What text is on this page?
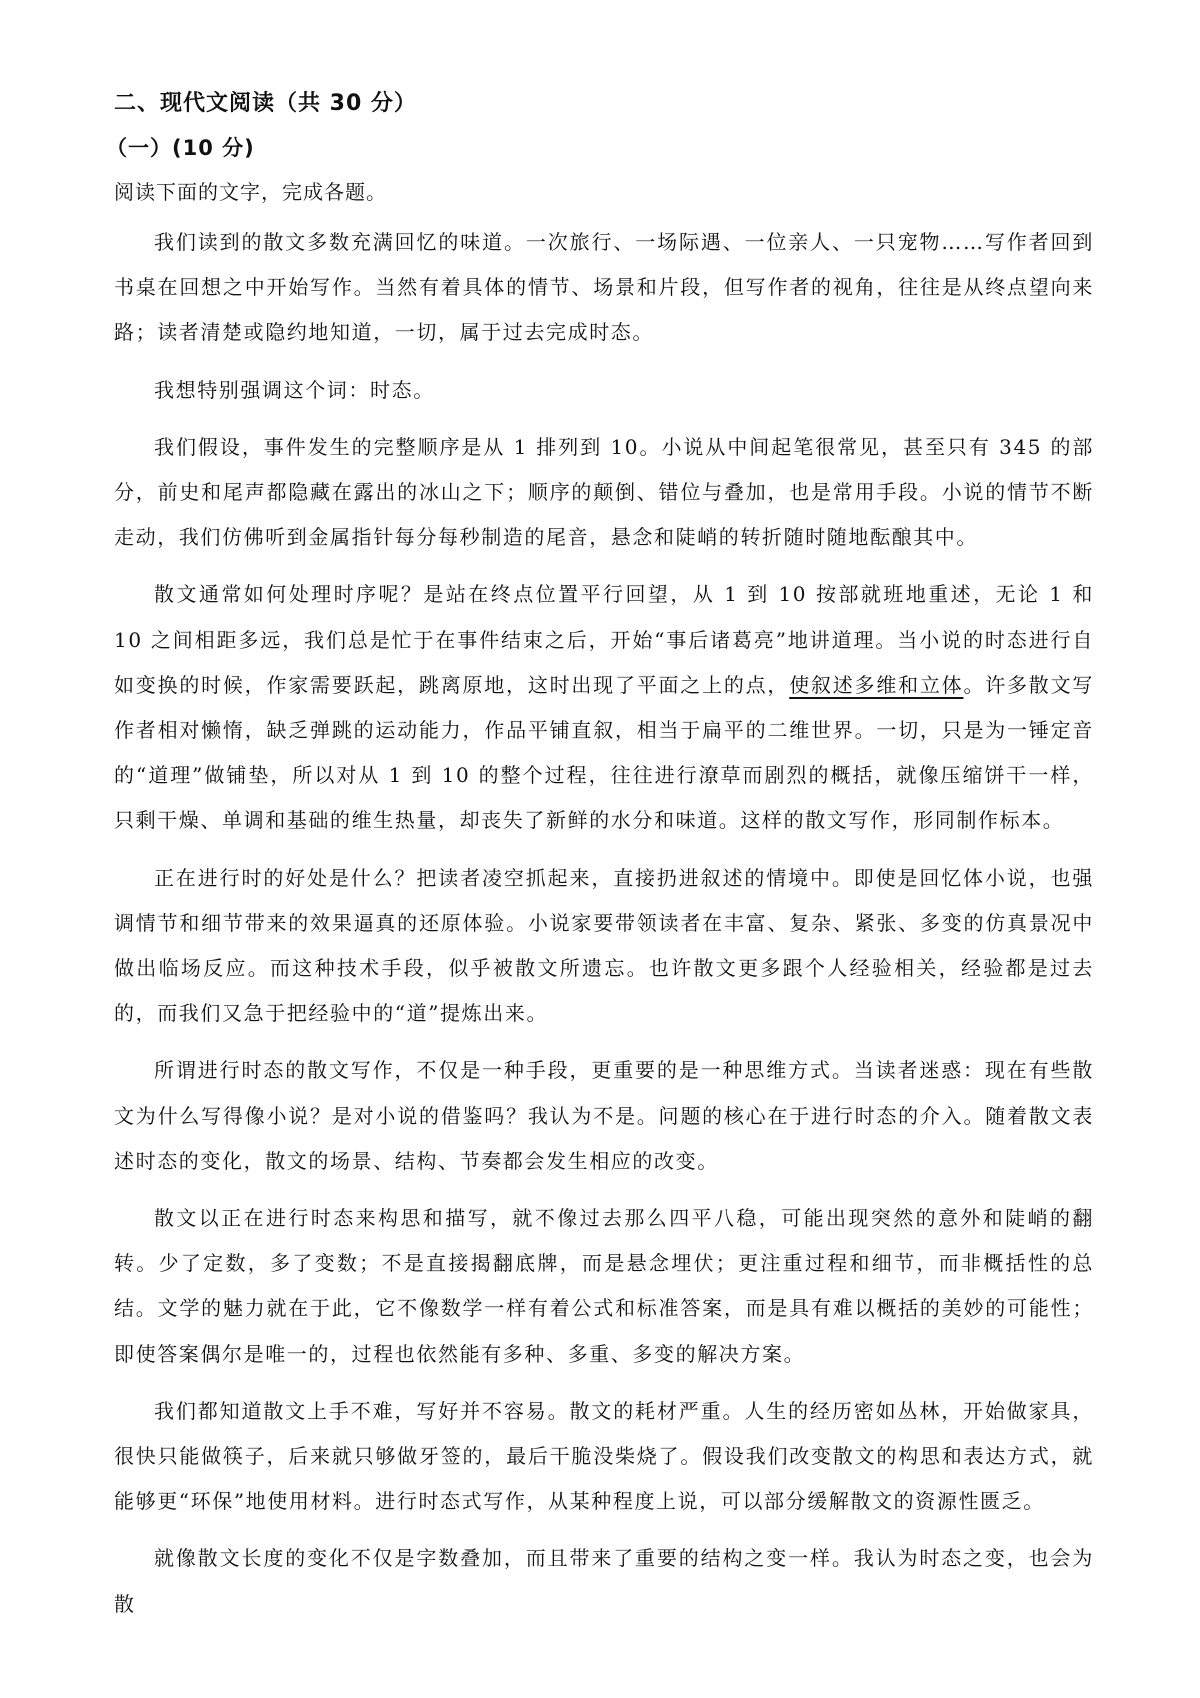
二、现代文阅读（共 30 分）
（一）(10 分)
阅读下面的文字，完成各题。

我们读到的散文多数充满回忆的味道。一次旅行、一场际遇、一位亲人、一只宠物……写作者回到书桌在回想之中开始写作。当然有着具体的情节、场景和片段，但写作者的视角，往往是从终点望向来路；读者清楚或隐约地知道，一切，属于过去完成时态。

我想特别强调这个词：时态。

我们假设，事件发生的完整顺序是从 1 排列到 10。小说从中间起笔很常见，甚至只有 345 的部分，前史和尾声都隐藏在露出的冰山之下；顺序的颠倒、错位与叠加，也是常用手段。小说的情节不断走动，我们仿佛听到金属指针每分每秒制造的尾音，悬念和陡峭的转折随时随地酝酿其中。

散文通常如何处理时序呢？是站在终点位置平行回望，从 1 到 10 按部就班地重述，无论 1 和 10 之间相距多远，我们总是忙于在事件结束之后，开始“事后诸葛亮”地讲道理。当小说的时态进行自如变换的时候，作家需要跃起，跳离原地，这时出现了平面之上的点，使叙述多维和立体。许多散文写作者相对懒惰，缺乏弹跳的运动能力，作品平铺直叙，相当于扁平的二维世界。一切，只是为一锤定音的“道理”做铺垫，所以对从 1 到 10 的整个过程，往往进行潦草而剧烈的概括，就像压缩饼干一样，只剩干燥、单调和基础的维生热量，却丧失了新鲜的水分和味道。这样的散文写作，形同制作标本。

正在进行时的好处是什么？把读者凌空抓起来，直接扔进叙述的情境中。即使是回忆体小说，也强调情节和细节带来的效果逼真的还原体验。小说家要带领读者在丰富、复杂、紧张、多变的仿真景况中做出临场反应。而这种技术手段，似乎被散文所遗忘。也许散文更多跟个人经验相关，经验都是过去的，而我们又急于把经验中的“道”提炼出来。

所谓进行时态的散文写作，不仅是一种手段，更重要的是一种思维方式。当读者迷惑：现在有些散文为什么写得像小说？是对小说的借鉴吗？我认为不是。问题的核心在于进行时态的介入。随着散文表述时态的变化，散文的场景、结构、节奏都会发生相应的改变。

散文以正在进行时态来构思和描写，就不像过去那么四平八稳，可能出现突然的意外和陡峭的翻转。少了定数，多了变数；不是直接揭翻底牌，而是悬念埋伏；更注重过程和细节，而非概括性的总结。文学的魅力就在于此，它不像数学一样有着公式和标准答案，而是具有难以概括的美妙的可能性；即使答案偶尔是唯一的，过程也依然能有多种、多重、多变的解决方案。

我们都知道散文上手不难，写好并不容易。散文的耗材严重。人生的经历密如丛林，开始做家具，很快只能做筷子，后来就只够做牙签的，最后干脆没柴烧了。假设我们改变散文的构思和表达方式，就能够更“环保”地使用材料。进行时态式写作，从某种程度上说，可以部分缓解散文的资源性匮乏。

就像散文长度的变化不仅是字数叠加，而且带来了重要的结构之变一样。我认为时态之变，也会为散
